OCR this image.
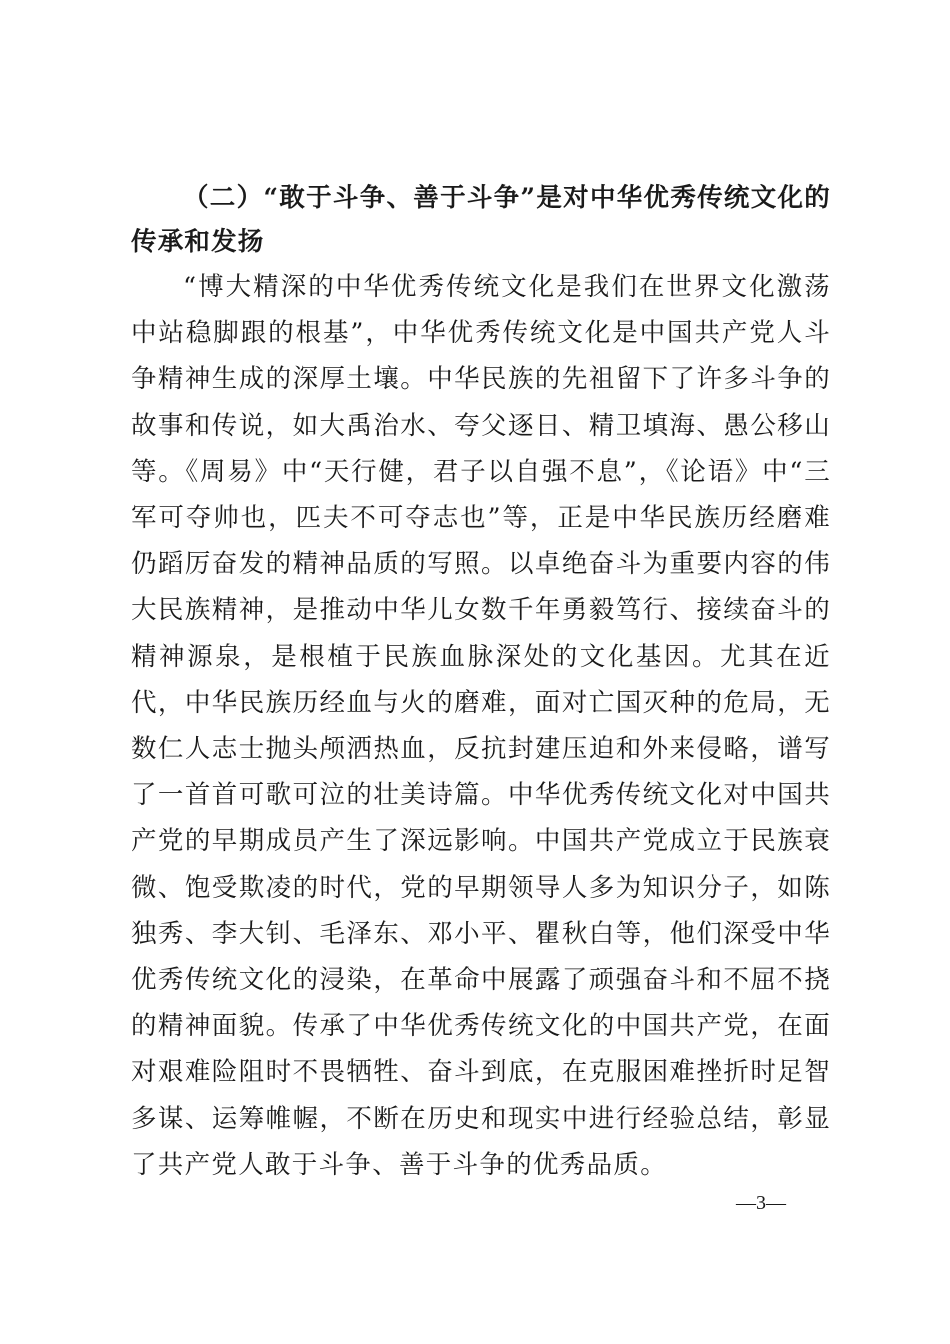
（二）“敢于斗争、善于斗争”是对中华优秀传统文化的传承和发扬

“博大精深的中华优秀传统文化是我们在世界文化激荡中站稳脚跟的根基”，中华优秀传统文化是中国共产党人斗争精神生成的深厚土壤。中华民族的先祖留下了许多斗争的故事和传说，如大禹治水、夸父逐日、精卫填海、愚公移山等。《周易》中“天行健，君子以自强不息”，《论语》中“三军可夺帅也，匹夫不可夺志也”等，正是中华民族历经磨难仍蹈厉奋发的精神品质的写照。以卓绝奋斗为重要内容的伟大民族精神，是推动中华儿女数千年勇毅笃行、接续奋斗的精神源泉，是根植于民族血脉深处的文化基因。尤其在近代，中华民族历经血与火的磨难，面对亡国灭种的危局，无数仁人志士抛头颅洒热血，反抗封建压迫和外来侵略，谱写了一首首可歌可泣的壮美诗篇。中华优秀传统文化对中国共产党的早期成员产生了深远影响。中国共产党成立于民族衰微、饱受欺凌的时代，党的早期领导人多为知识分子，如陈独秀、李大钊、毛泽东、邓小平、瞿秋白等，他们深受中华优秀传统文化的浸染，在革命中展露了顽强奋斗和不屈不挠的精神面貌。传承了中华优秀传统文化的中国共产党，在面对艰难险阻时不畏牺牲、奋斗到底，在克服困难挫折时足智多谋、运筹帷幄，不断在历史和现实中进行经验总结，彰显了共产党人敢于斗争、善于斗争的优秀品质。

—3—
